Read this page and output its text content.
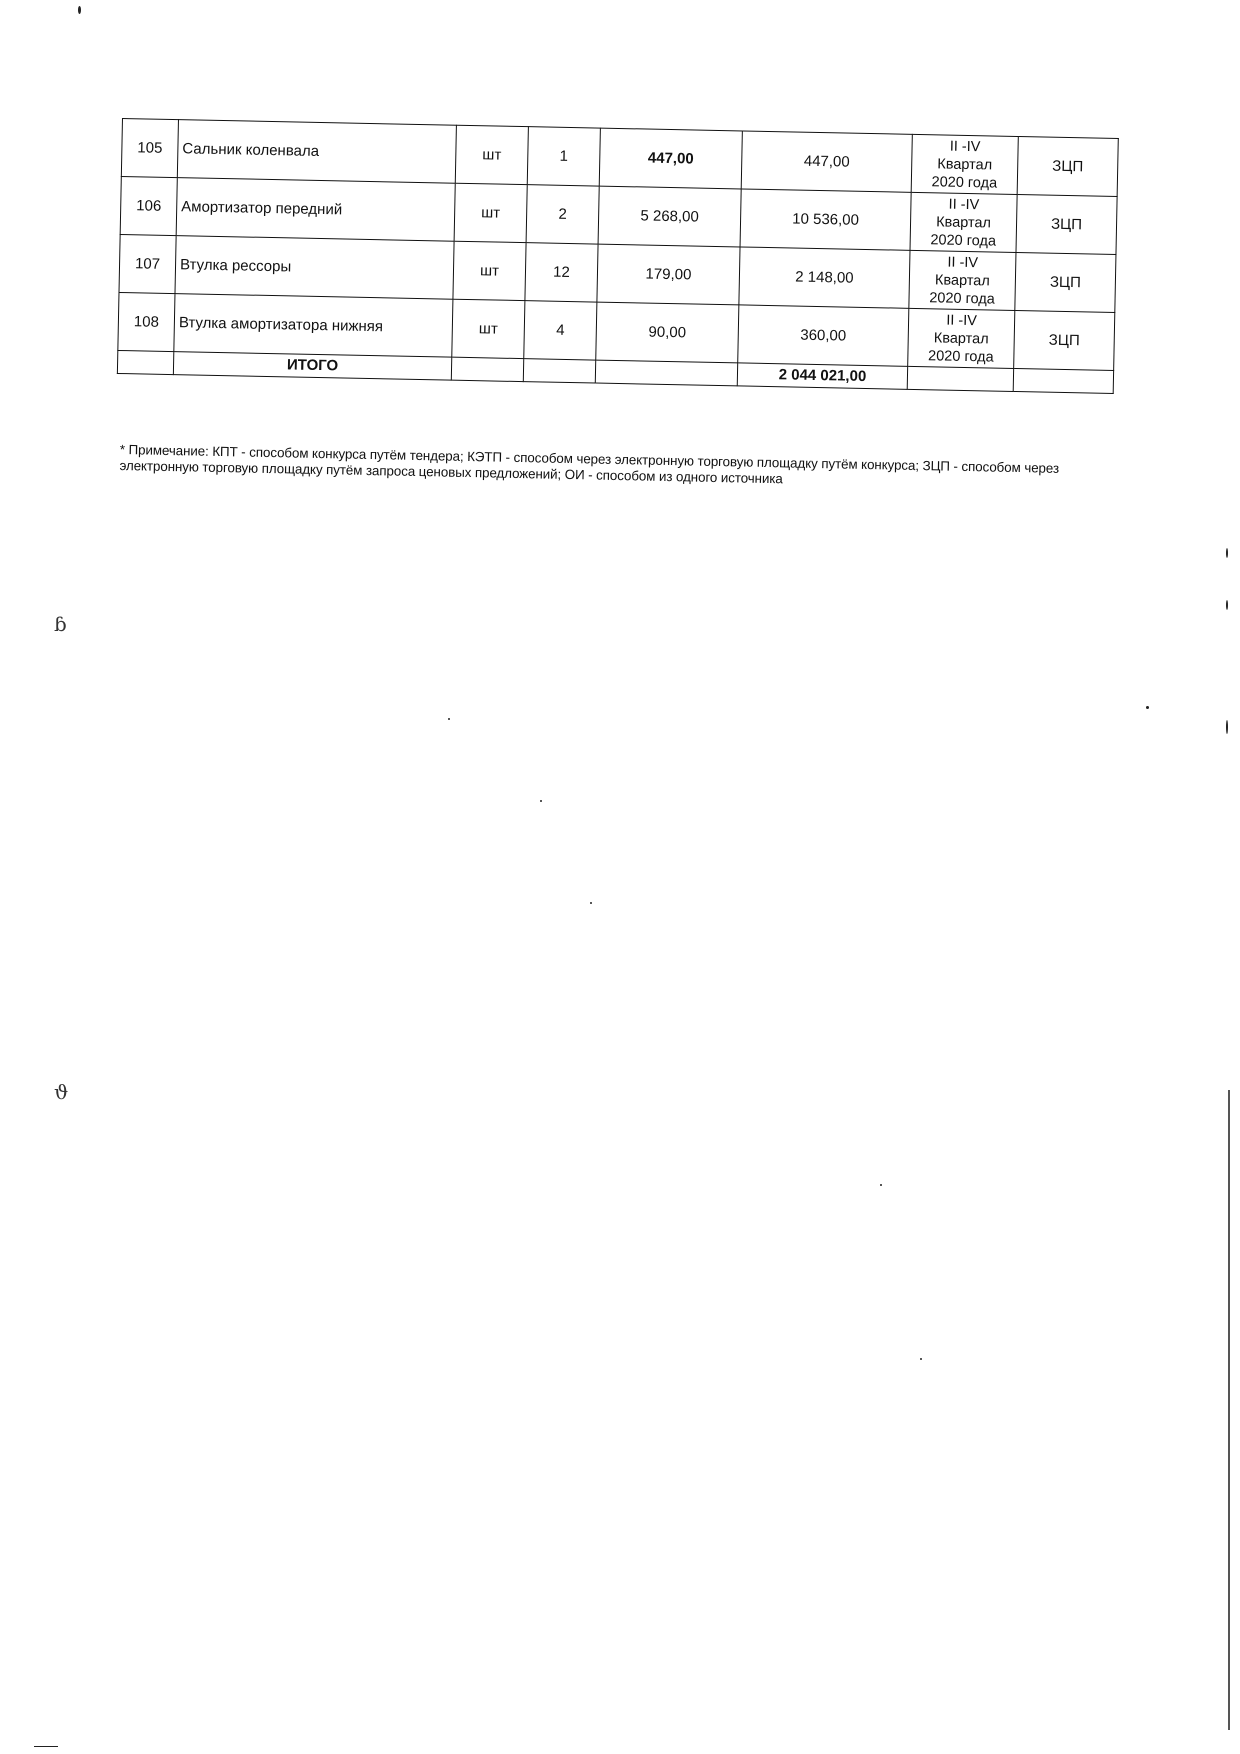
105	Сальник коленвала	шт	1	447,00	447,00	II -IV
Квартал
2020 года	ЗЦП
106	Амортизатор передний	шт	2	5 268,00	10 536,00	II -IV
Квартал
2020 года	ЗЦП
107	Втулка рессоры	шт	12	179,00	2 148,00	II -IV
Квартал
2020 года	ЗЦП
108	Втулка амортизатора нижняя	шт	4	90,00	360,00	II -IV
Квартал
2020 года	ЗЦП
	ИТОГО				2 044 021,00		
* Примечание: КПТ - способом конкурса путём тендера; КЭТП - способом через электронную торговую площадку путём конкурса; ЗЦП - способом через электронную торговую площадку путём запроса ценовых предложений; ОИ - способом из одного источника
ɓ
ϑ
